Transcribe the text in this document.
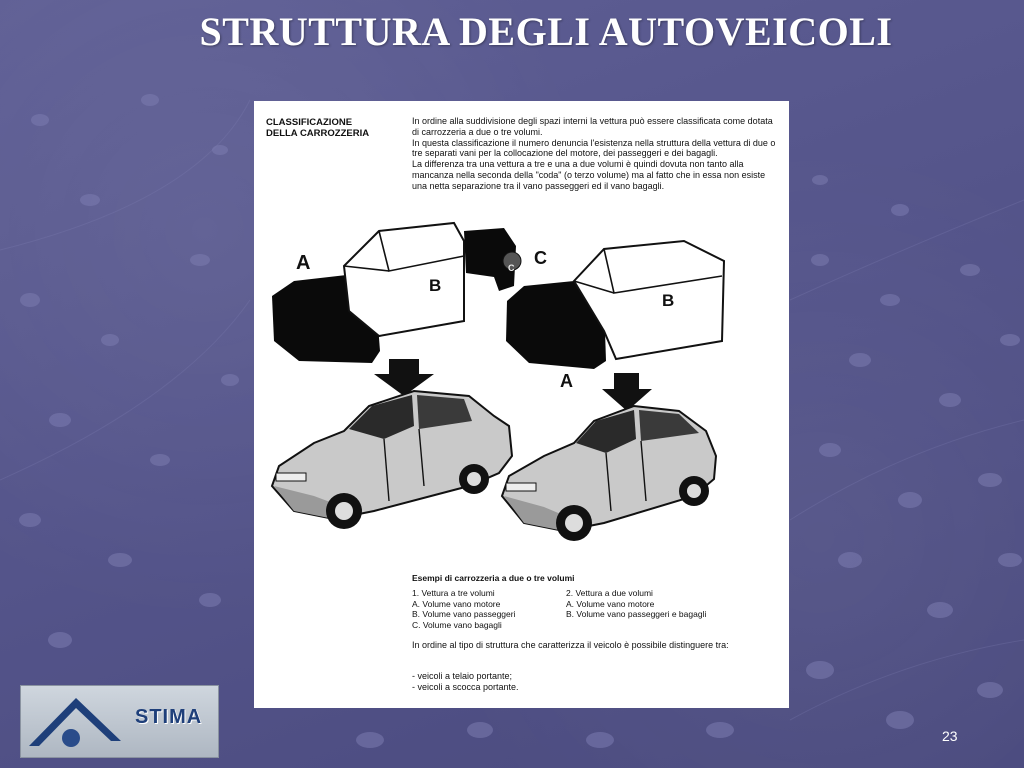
STRUTTURA DEGLI AUTOVEICOLI
CLASSIFICAZIONE
DELLA CARROZZERIA

In ordine alla suddivisione degli spazi interni la vettura può essere classificata come dotata di carrozzeria a due o tre volumi.

In questa classificazione il numero denuncia l'esistenza nella struttura della vettura di due o tre separati vani per la collocazione del motore, dei passeggeri e dei bagagli.

La differenza tra una vettura a tre e una a due volumi è quindi dovuta non tanto alla mancanza nella seconda della "coda" (o terzo volume) ma al fatto che in essa non esiste una netta separazione tra il vano passeggeri ed il vano bagagli.

A
B
C
C
B
A
Esempi di carrozzeria a due o tre volumi
1. Vettura a tre volumi
A. Volume vano motore
B. Volume vano passeggeri
C. Volume vano bagagli
2. Vettura a due volumi
A. Volume vano motore
B. Volume vano passeggeri e bagagli
In ordine al tipo di struttura che caratterizza il veicolo è possibile distinguere tra:
- veicoli a telaio portante;
- veicoli a scocca portante.
STIMA
23
